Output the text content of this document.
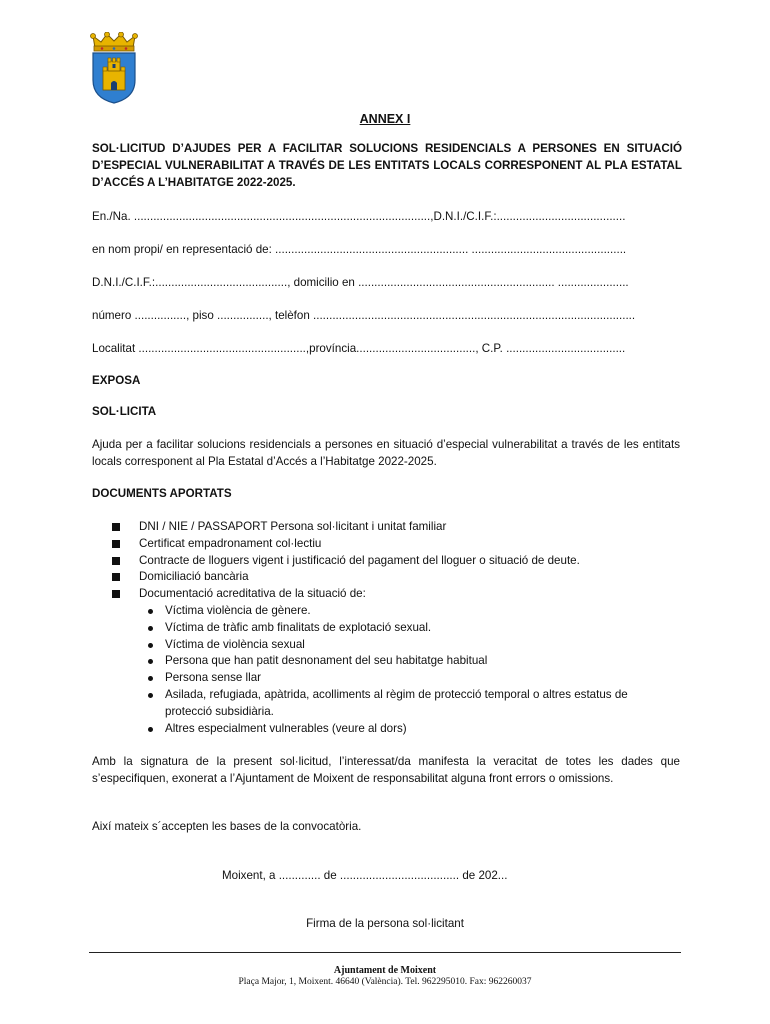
ANNEX I
SOL·LICITUD D’AJUDES PER A FACILITAR SOLUCIONS RESIDENCIALS A PERSONES EN SITUACIÓ D’ESPECIAL VULNERABILITAT A TRAVÉS DE LES ENTITATS LOCALS CORRESPONENT AL PLA ESTATAL D’ACCÉS A L’HABITATGE 2022-2025.
En./Na. ............................................................................................,D.N.I./C.I.F.:........................................
en nom propi/ en representació de: ............................................................ ................................................
D.N.I./C.I.F.:........................................., domicilio en ............................................................. ......................
número ................, piso ................, telèfon ....................................................................................................
Localitat ....................................................,província....................................., C.P. .....................................
EXPOSA
SOL·LICITA
Ajuda per a facilitar solucions residencials a persones en situació d’especial vulnerabilitat a través de les entitats locals corresponent al Pla Estatal d’Accés a l’Habitatge 2022-2025.
DOCUMENTS APORTATS
DNI / NIE / PASSAPORT Persona sol·licitant i unitat familiar
Certificat empadronament col·lectiu
Contracte de lloguers vigent i justificació del pagament del lloguer o situació de deute.
Domiciliació bancària
Documentació acreditativa de la situació de:
Víctima violència de gènere.
Víctima de tràfic amb finalitats de explotació sexual.
Víctima de violència sexual
Persona que han patit desnonament del seu habitatge habitual
Persona sense llar
Asilada, refugiada, apàtrida, acolliments al règim de protecció temporal o altres estatus de protecció subsidiària.
Altres especialment vulnerables (veure al dors)
Amb la signatura de la present sol·licitud, l’interessat/da manifesta la veracitat de totes les dades que s’especifiquen, exonerat a l’Ajuntament de Moixent de responsabilitat alguna front errors o omissions.
Així mateix s´accepten les bases de la convocatòria.
Moixent, a ............. de ..................................... de 202...
Firma de la persona sol·licitant
Ajuntament de Moixent
Plaça Major, 1, Moixent. 46640 (València). Tel. 962295010. Fax: 962260037
